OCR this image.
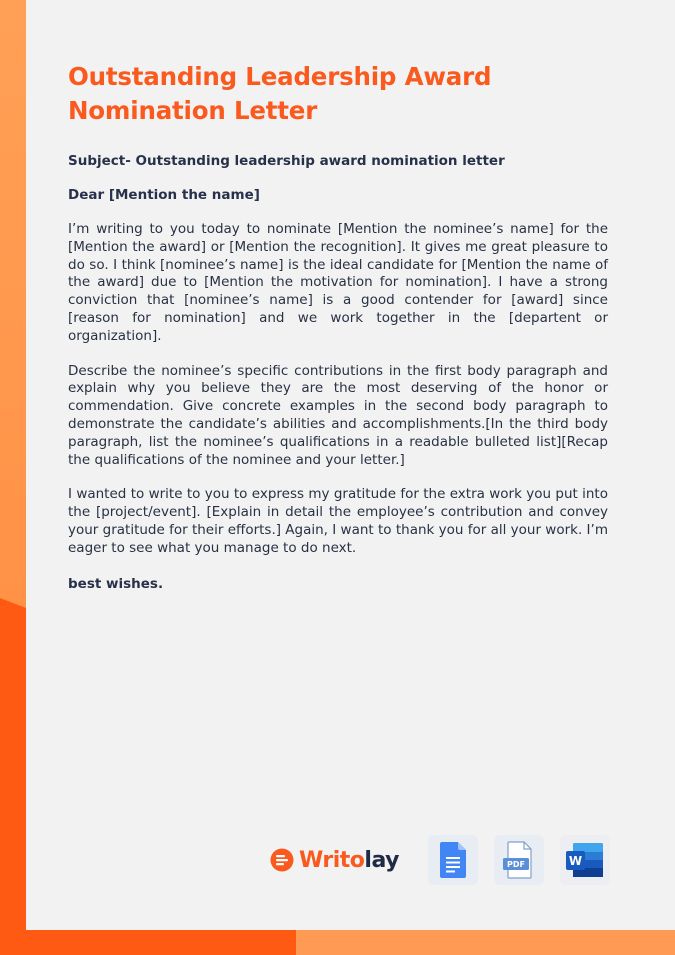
Outstanding Leadership Award Nomination Letter

Subject- Outstanding leadership award nomination letter

Dear [Mention the name]

I’m writing to you today to nominate [Mention the nominee’s name] for the [Mention the award] or [Mention the recognition]. It gives me great pleasure to do so. I think [nominee’s name] is the ideal candidate for [Mention the name of the award] due to [Mention the motivation for nomination]. I have a strong conviction that [nominee’s name] is a good contender for [award] since [reason for nomination] and we work together in the [departent or organization].

Describe the nominee’s specific contributions in the first body paragraph and explain why you believe they are the most deserving of the honor or commendation. Give concrete examples in the second body paragraph to demonstrate the candidate’s abilities and accomplishments.[In the third body paragraph, list the nominee’s qualifications in a readable bulleted list][Recap the qualifications of the nominee and your letter.]

I wanted to write to you to express my gratitude for the extra work you put into the [project/event]. [Explain in detail the employee’s contribution and convey your gratitude for their efforts.] Again, I want to thank you for all your work. I’m eager to see what you manage to do next.

best wishes.

Writolay	PDF	W
